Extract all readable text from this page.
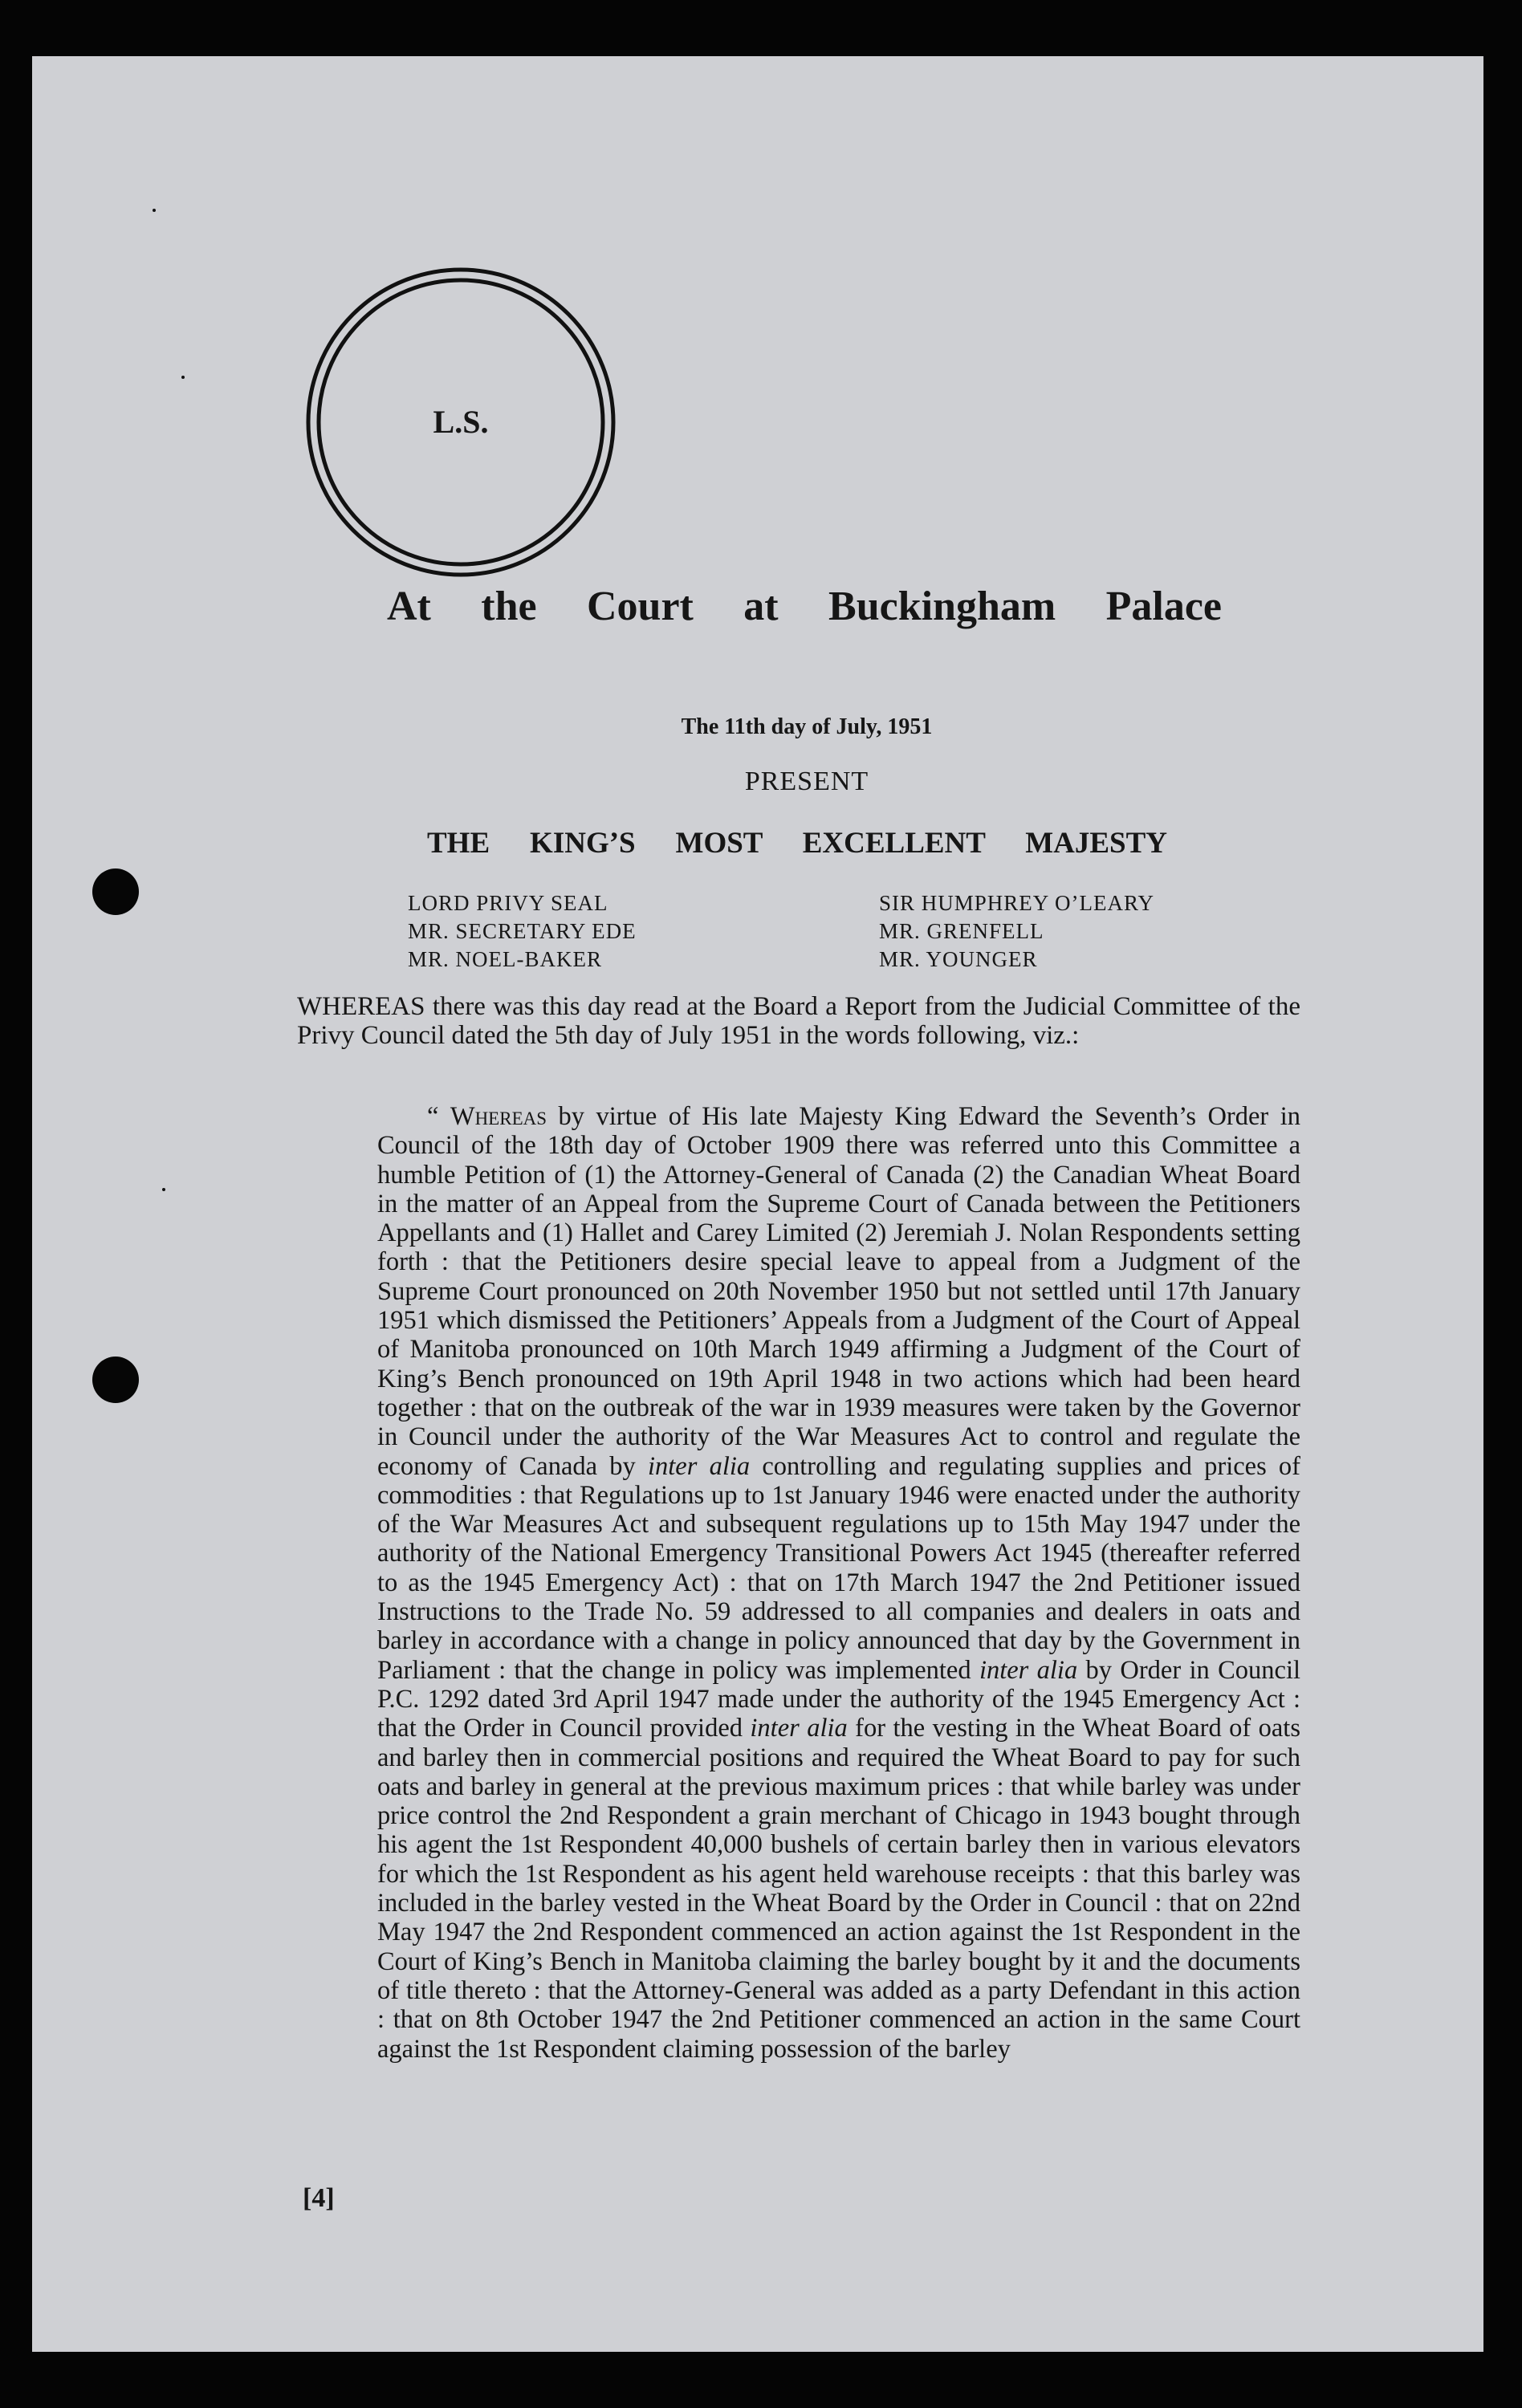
L.S.
At the Court at Buckingham Palace
The 11th day of July, 1951
PRESENT
THE KING’S MOST EXCELLENT MAJESTY
LORD PRIVY SEAL
MR. SECRETARY EDE
MR. NOEL-BAKER
SIR HUMPHREY O’LEARY
MR. GRENFELL
MR. YOUNGER
WHEREAS there was this day read at the Board a Report from the Judicial Committee of the Privy Council dated the 5th day of July 1951 in the words following, viz.:
“ Whereas by virtue of His late Majesty King Edward the Seventh’s Order in Council of the 18th day of October 1909 there was referred unto this Committee a humble Petition of (1) the Attorney-General of Canada (2) the Canadian Wheat Board in the matter of an Appeal from the Supreme Court of Canada between the Petitioners Appellants and (1) Hallet and Carey Limited (2) Jeremiah J. Nolan Respondents setting forth : that the Petitioners desire special leave to appeal from a Judgment of the Supreme Court pronounced on 20th November 1950 but not settled until 17th January 1951 which dismissed the Petitioners’ Appeals from a Judgment of the Court of Appeal of Manitoba pronounced on 10th March 1949 affirming a Judgment of the Court of King’s Bench pronounced on 19th April 1948 in two actions which had been heard together : that on the outbreak of the war in 1939 measures were taken by the Governor in Council under the authority of the War Measures Act to control and regulate the economy of Canada by inter alia controlling and regulating supplies and prices of commodities : that Regulations up to 1st January 1946 were enacted under the authority of the War Measures Act and subsequent regulations up to 15th May 1947 under the authority of the National Emergency Transitional Powers Act 1945 (thereafter referred to as the 1945 Emergency Act) : that on 17th March 1947 the 2nd Petitioner issued Instructions to the Trade No. 59 addressed to all companies and dealers in oats and barley in accordance with a change in policy announced that day by the Government in Parliament : that the change in policy was implemented inter alia by Order in Council P.C. 1292 dated 3rd April 1947 made under the authority of the 1945 Emergency Act : that the Order in Council provided inter alia for the vesting in the Wheat Board of oats and barley then in commercial positions and required the Wheat Board to pay for such oats and barley in general at the previous maximum prices : that while barley was under price control the 2nd Respondent a grain merchant of Chicago in 1943 bought through his agent the 1st Respondent 40,000 bushels of certain barley then in various elevators for which the 1st Respondent as his agent held warehouse receipts : that this barley was included in the barley vested in the Wheat Board by the Order in Council : that on 22nd May 1947 the 2nd Respondent commenced an action against the 1st Respondent in the Court of King’s Bench in Manitoba claiming the barley bought by it and the documents of title thereto : that the Attorney-General was added as a party Defendant in this action : that on 8th October 1947 the 2nd Petitioner commenced an action in the same Court against the 1st Respondent claiming possession of the barley
[4]
